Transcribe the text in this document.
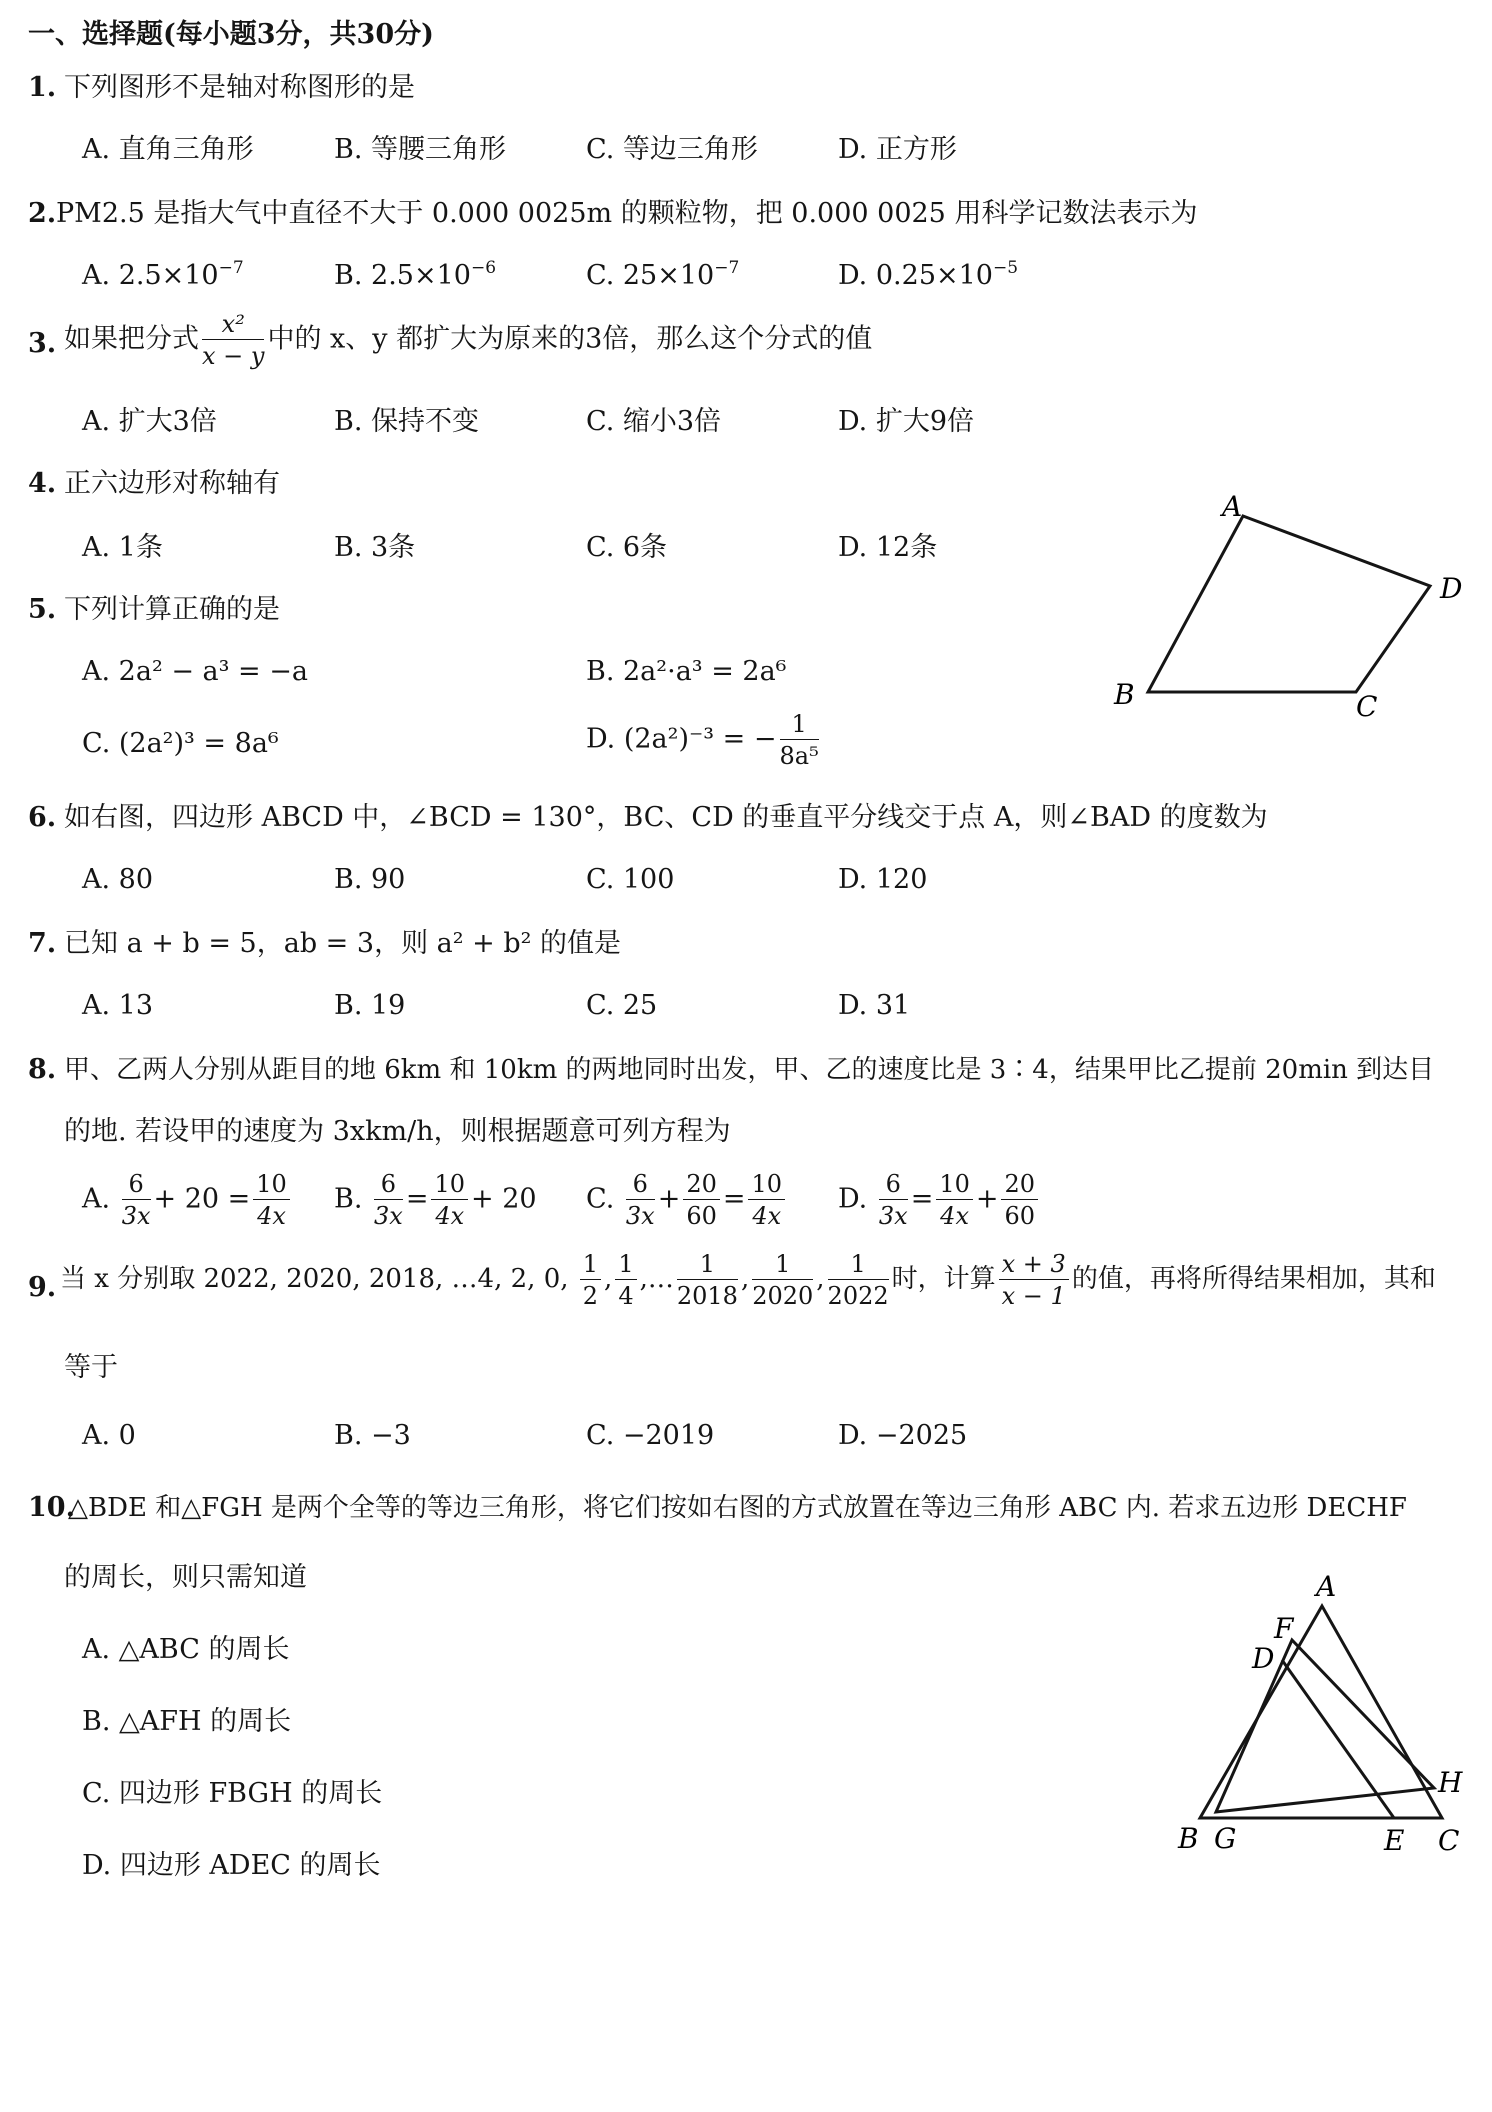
一、选择题(每小题3分，共30分)
1. 下列图形不是轴对称图形的是
A. 直角三角形	B. 等腰三角形	C. 等边三角形	D. 正方形
2. PM2.5 是指大气中直径不大于 0.000 0025m 的颗粒物，把 0.000 0025 用科学记数法表示为
A. $2.5\times 10^{-7}$	B. $2.5\times 10^{-6}$	C. $25\times 10^{-7}$	D. $0.25\times 10^{-5}$
3. 如果把分式 $\frac{\text{x²}}{x - y}$ 中的 x、y 都扩大为原来的3倍，那么这个分式的值
A. 扩大3倍	B. 保持不变	C. 缩小3倍	D. 扩大9倍
4. 正六边形对称轴有
A. 1条	B. 3条	C. 6条	D. 12条
A
D
B	C
5. 下列计算正确的是
A. 2a² − a³ = −a	B. 2a²·a³ = 2a⁶
C. (2a²)³ = 8a⁶	D. (2a²)⁻³ = − $\frac{1}{\text{8a⁵}}$
6. 如右图，四边形 ABCD 中，∠BCD = 130°，BC、CD 的垂直平分线交于点 A，则∠BAD 的度数为
A. 80	B. 90	C. 100	D. 120
7. 已知 a + b = 5，ab = 3，则 a² + b² 的值是
A. 13	B. 19	C. 25	D. 31
8. 甲、乙两人分别从距目的地 6km 和 10km 的两地同时出发，甲、乙的速度比是 3∶4，结果甲比乙提前 20min 到达目
的地. 若设甲的速度为 3xkm/h，则根据题意可列方程为
A. $\frac{6}{3x} + 20 = \frac{10}{4x} B$. $\frac{6}{3x} = \frac{10}{4x} + 20$ C. $\frac{6}{3x} + \frac{20}{60} = \frac{10}{4x} D$. $\frac{6}{3x} = \frac{10}{4x} + \frac{20}{60}$
9. 当 x 分别取 2022, 2020, 2018, …4, 2, 0, $\frac{1}{2}$ , $\frac{1}{4}$ ,… $\frac{1}{2018}$ , $\frac{1}{2020}$ , $\frac{1}{2022}$ 时，计算 $\frac{x + 3}{x - 1}$ 的值，再将所得结果相加，其和
等于
A. 0	B. −3	C. −2019	D. −2025
10.
△BDE 和△FGH 是两个全等的等边三角形，将它们按如右图的方式放置在等边三角形 ABC 内. 若求五边形 DECHF
的周长，则只需知道
A. △ABC 的周长
B. △AFH 的周长
C. 四边形 FBGH 的周长
D. 四边形 ADEC 的周长
A
F
D
H
B G	E C
